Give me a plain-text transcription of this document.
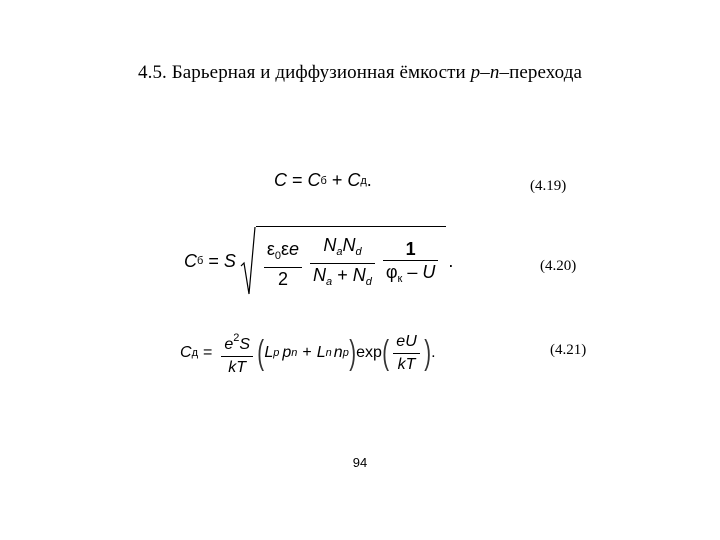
4.5. Барьерная и диффузионная ёмкости p–n–перехода
C = C б + C д .	(4.19)
C б = S $\frac{\varepsilon_0\varepsilon e}{2} \frac{N_aN_d}{N_a + N_d} \frac{1}{\varphi_к - U}$ .	(4.20)
C $д = \frac{e^2S}{kT}$ ( L p p n + L n n p ) exp ( $\frac{eU}{kT}$ ) .	(4.21)
94
